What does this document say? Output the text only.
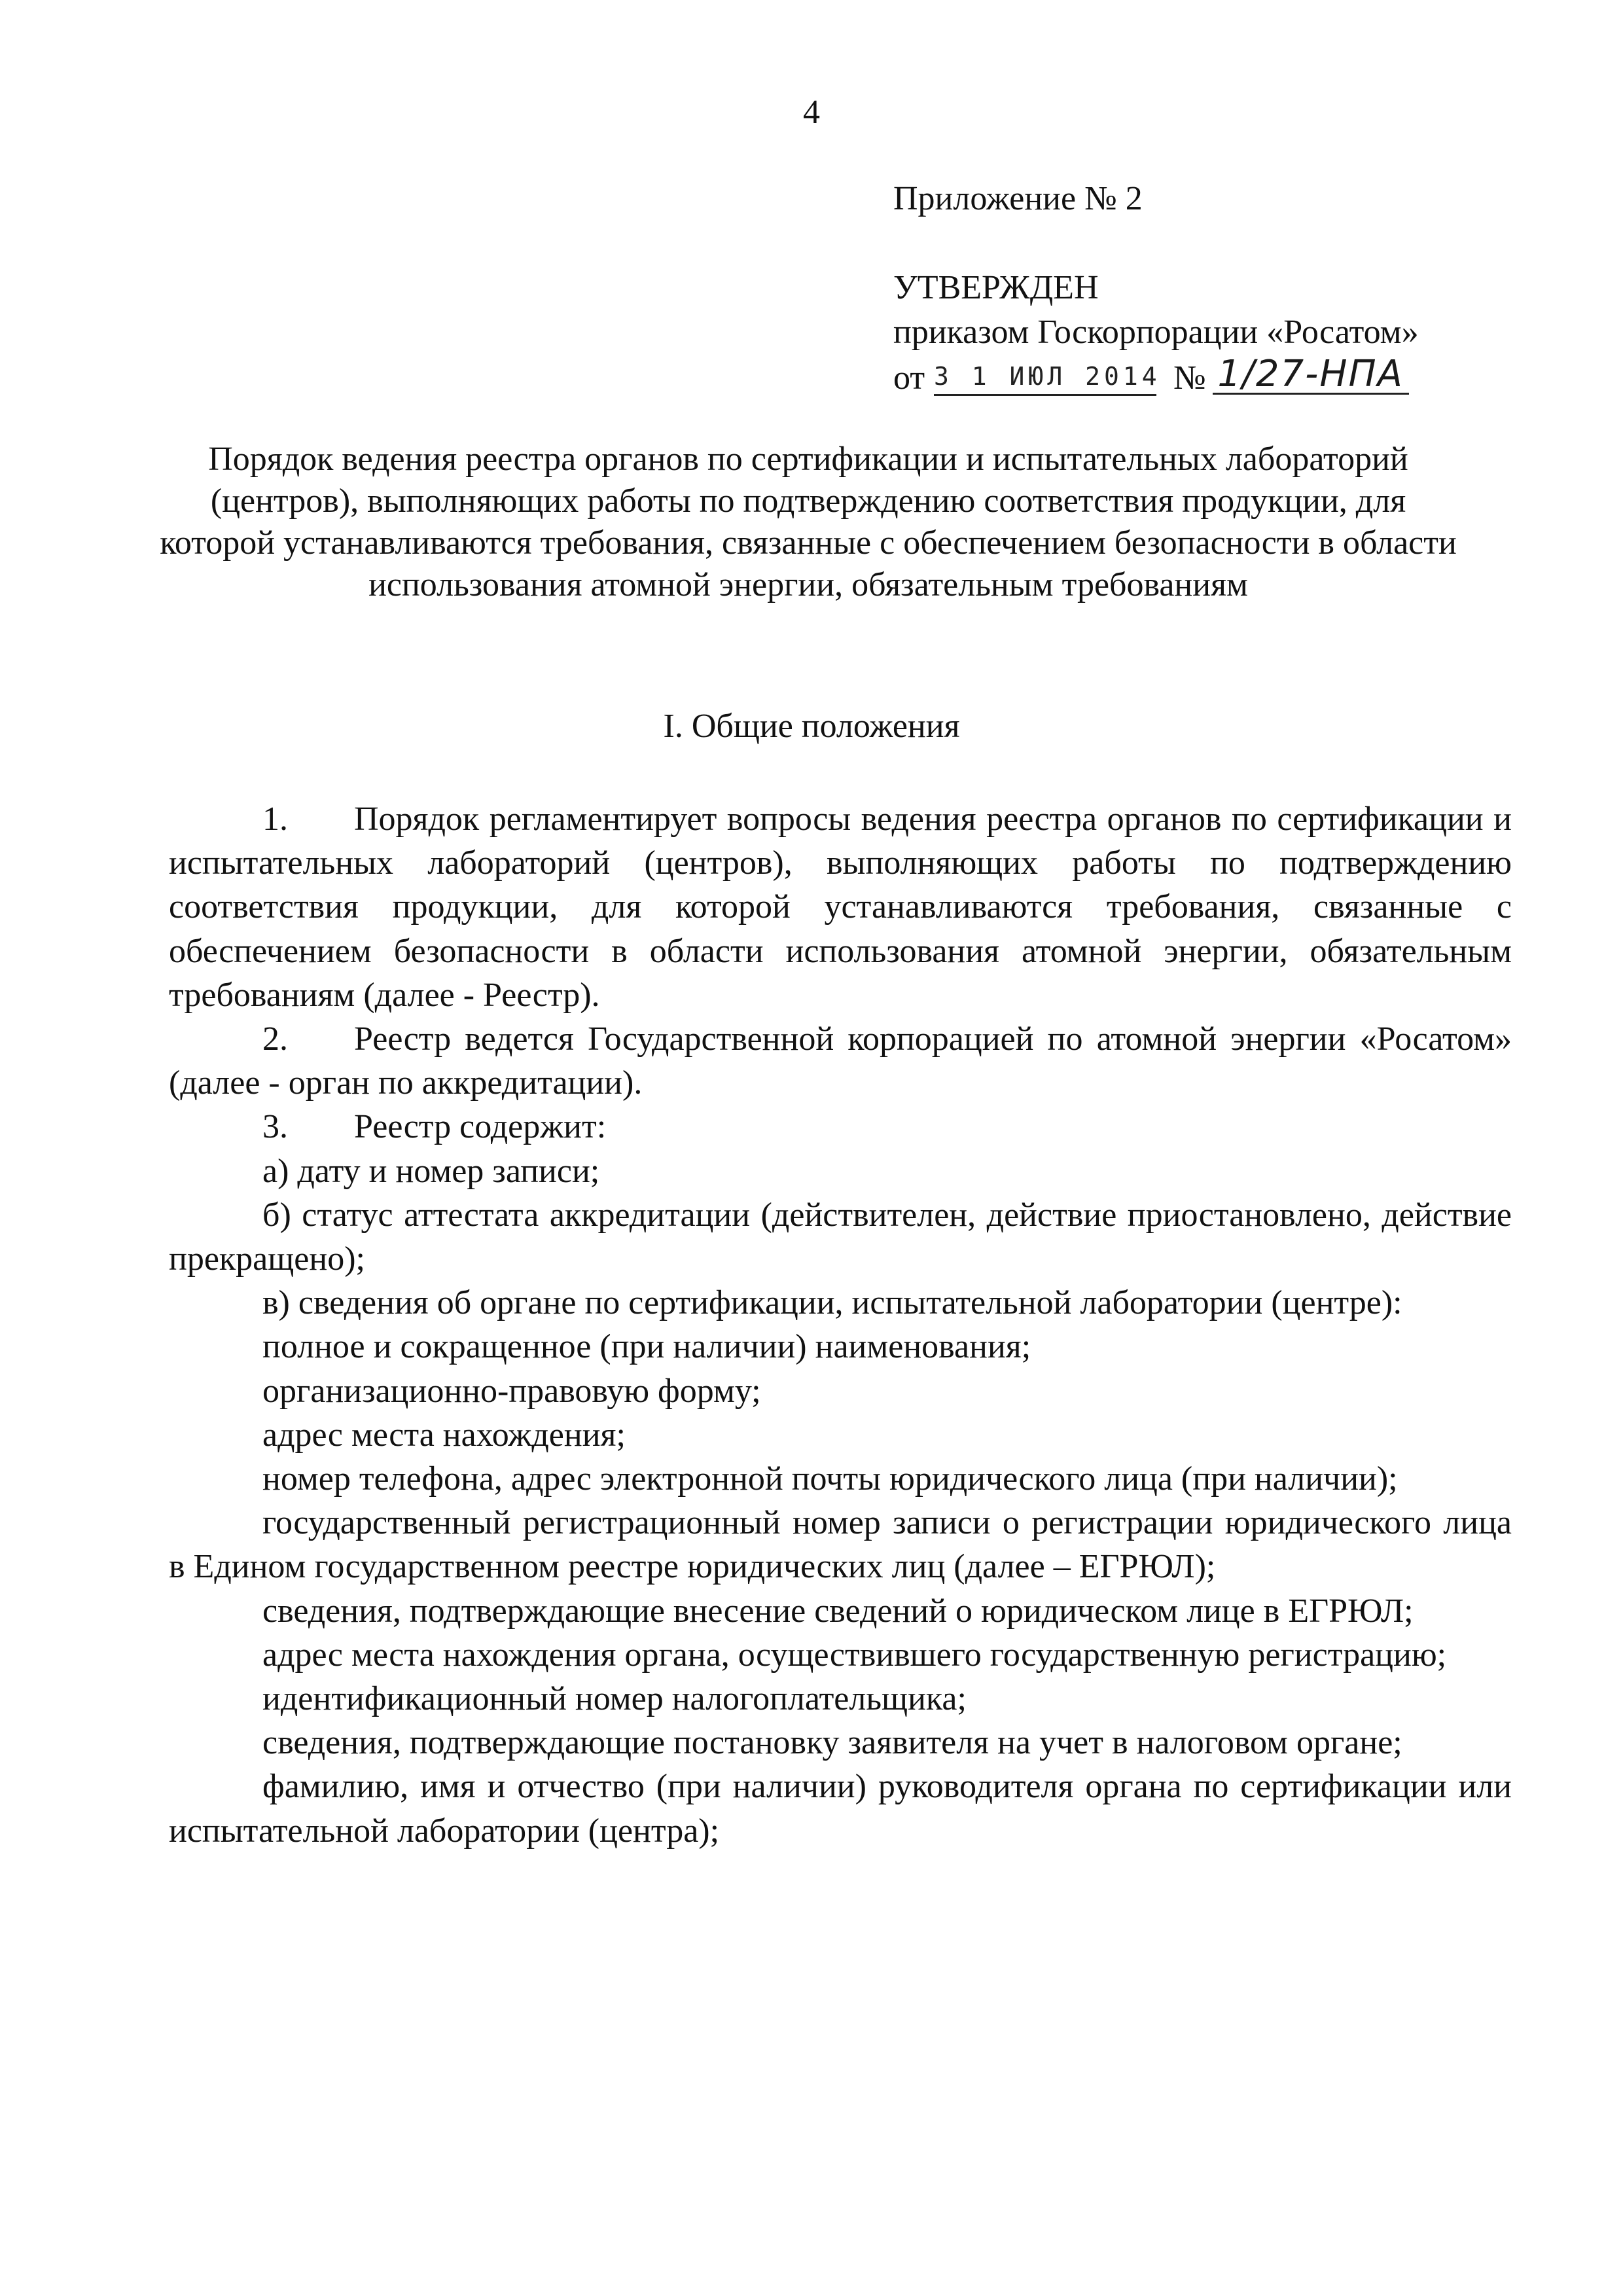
4
Приложение № 2
УТВЕРЖДЕН
приказом Госкорпорации «Росатом»
от 3 1 ИЮЛ 2014 № 1/27-НПА
Порядок ведения реестра органов по сертификации и испытательных лабораторий (центров), выполняющих работы по подтверждению соответствия продукции, для которой устанавливаются требования, связанные с обеспечением безопасности в области использования атомной энергии, обязательным требованиям
I. Общие положения

1. Порядок регламентирует вопросы ведения реестра органов по сертификации и испытательных лабораторий (центров), выполняющих работы по подтверждению соответствия продукции, для которой устанавливаются требования, связанные с обеспечением безопасности в области использования атомной энергии, обязательным требованиям (далее - Реестр).

2. Реестр ведется Государственной корпорацией по атомной энергии «Росатом» (далее - орган по аккредитации).

3. Реестр содержит:

а) дату и номер записи;

б) статус аттестата аккредитации (действителен, действие приостановлено, действие прекращено);

в) сведения об органе по сертификации, испытательной лаборатории (центре):

полное и сокращенное (при наличии) наименования;

организационно-правовую форму;

адрес места нахождения;

номер телефона, адрес электронной почты юридического лица (при наличии);

государственный регистрационный номер записи о регистрации юридического лица в Едином государственном реестре юридических лиц (далее – ЕГРЮЛ);

сведения, подтверждающие внесение сведений о юридическом лице в ЕГРЮЛ;

адрес места нахождения органа, осуществившего государственную регистрацию;

идентификационный номер налогоплательщика;

сведения, подтверждающие постановку заявителя на учет в налоговом органе;

фамилию, имя и отчество (при наличии) руководителя органа по сертификации или испытательной лаборатории (центра);
